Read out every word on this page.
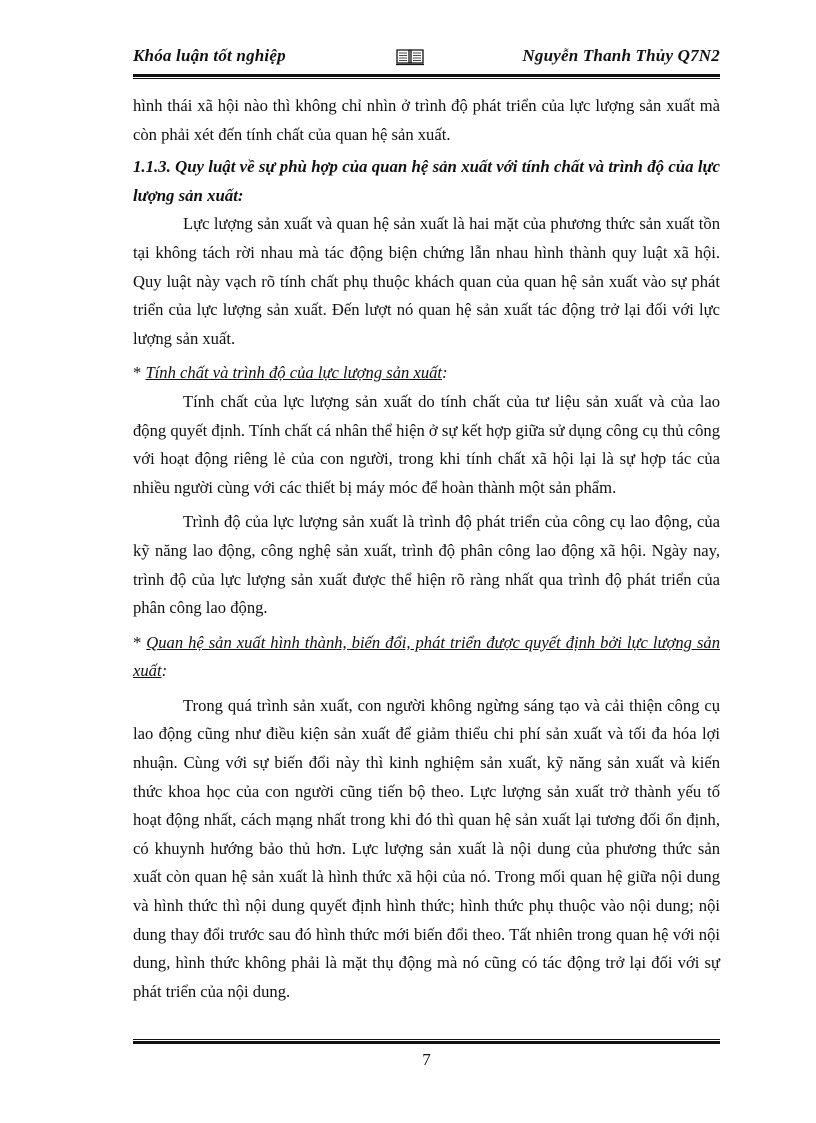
Khóa luận tốt nghiệp	Nguyễn Thanh Thủy Q7N2

hình thái xã hội nào thì không chỉ nhìn ở trình độ phát triển của lực lượng sản xuất mà còn phải xét đến tính chất của quan hệ sản xuất.

1.1.3. Quy luật về sự phù hợp của quan hệ sản xuất với tính chất và trình độ của lực lượng sản xuất:

Lực lượng sản xuất và quan hệ sản xuất là hai mặt của phương thức sản xuất tồn tại không tách rời nhau mà tác động biện chứng lẫn nhau hình thành quy luật xã hội. Quy luật này vạch rõ tính chất phụ thuộc khách quan của quan hệ sản xuất vào sự phát triển của lực lượng sản xuất. Đến lượt nó quan hệ sản xuất tác động trở lại đối với lực lượng sản xuất.

* Tính chất và trình độ của lực lượng sản xuất:

Tính chất của lực lượng sản xuất do tính chất của tư liệu sản xuất và của lao động quyết định. Tính chất cá nhân thể hiện ở sự kết hợp giữa sử dụng công cụ thủ công với hoạt động riêng lẻ của con người, trong khi tính chất xã hội lại là sự hợp tác của nhiều người cùng với các thiết bị máy móc để hoàn thành một sản phẩm.

Trình độ của lực lượng sản xuất là trình độ phát triển của công cụ lao động, của kỹ năng lao động, công nghệ sản xuất, trình độ phân công lao động xã hội. Ngày nay, trình độ của lực lượng sản xuất được thể hiện rõ ràng nhất qua trình độ phát triển của phân công lao động.

* Quan hệ sản xuất hình thành, biến đổi, phát triển được quyết định bởi lực lượng sản xuất:

Trong quá trình sản xuất, con người không ngừng sáng tạo và cải thiện công cụ lao động cũng như điều kiện sản xuất để giảm thiểu chi phí sản xuất và tối đa hóa lợi nhuận. Cùng với sự biến đổi này thì kinh nghiệm sản xuất, kỹ năng sản xuất và kiến thức khoa học của con người cũng tiến bộ theo. Lực lượng sản xuất trở thành yếu tố hoạt động nhất, cách mạng nhất trong khi đó thì quan hệ sản xuất lại tương đối ổn định, có khuynh hướng bảo thủ hơn. Lực lượng sản xuất là nội dung của phương thức sản xuất còn quan hệ sản xuất là hình thức xã hội của nó. Trong mối quan hệ giữa nội dung và hình thức thì nội dung quyết định hình thức; hình thức phụ thuộc vào nội dung; nội dung thay đổi trước sau đó hình thức mới biến đổi theo. Tất nhiên trong quan hệ với nội dung, hình thức không phải là mặt thụ động mà nó cũng có tác động trở lại đối với sự phát triển của nội dung.

7
